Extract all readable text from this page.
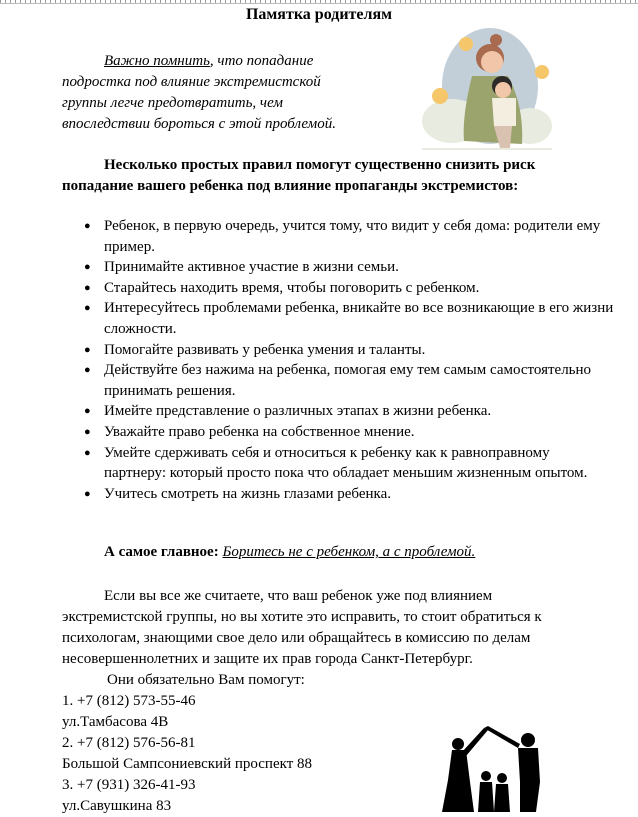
Памятка родителям
Важно помнить, что попадание подростка под влияние экстремистской группы легче предотвратить, чем впоследствии бороться с этой проблемой.
Несколько простых правил помогут существенно снизить риск попадание вашего ребенка под влияние пропаганды экстремистов:
● Ребенок, в первую очередь, учится тому, что видит у себя дома: родители ему пример.
● Принимайте активное участие в жизни семьи.
● Старайтесь находить время, чтобы поговорить с ребенком.
● Интересуйтесь проблемами ребенка, вникайте во все возникающие в его жизни сложности.
● Помогайте развивать у ребенка умения и таланты.
● Действуйте без нажима на ребенка, помогая ему тем самым самостоятельно принимать решения.
● Имейте представление о различных этапах в жизни ребенка.
● Уважайте право ребенка на собственное мнение.
● Умейте сдерживать себя и относиться к ребенку как к равноправному партнеру: который просто пока что обладает меньшим жизненным опытом.
● Учитесь смотреть на жизнь глазами ребенка.
А самое главное: Боритесь не с ребенком, а с проблемой.
Если вы все же считаете, что ваш ребенок уже под влиянием экстремистской группы, но вы хотите это исправить, то стоит обратиться к психологам, знающими свое дело или обращайтесь в комиссию по делам несовершеннолетних и защите их прав города Санкт-Петербург.
Они обязательно Вам помогут:
1. +7 (812) 573-55-46
ул.Тамбасова 4В
2. +7 (812) 576-56-81
Большой Сампсониевский проспект 88
3. +7 (931) 326-41-93
ул.Савушкина 83
